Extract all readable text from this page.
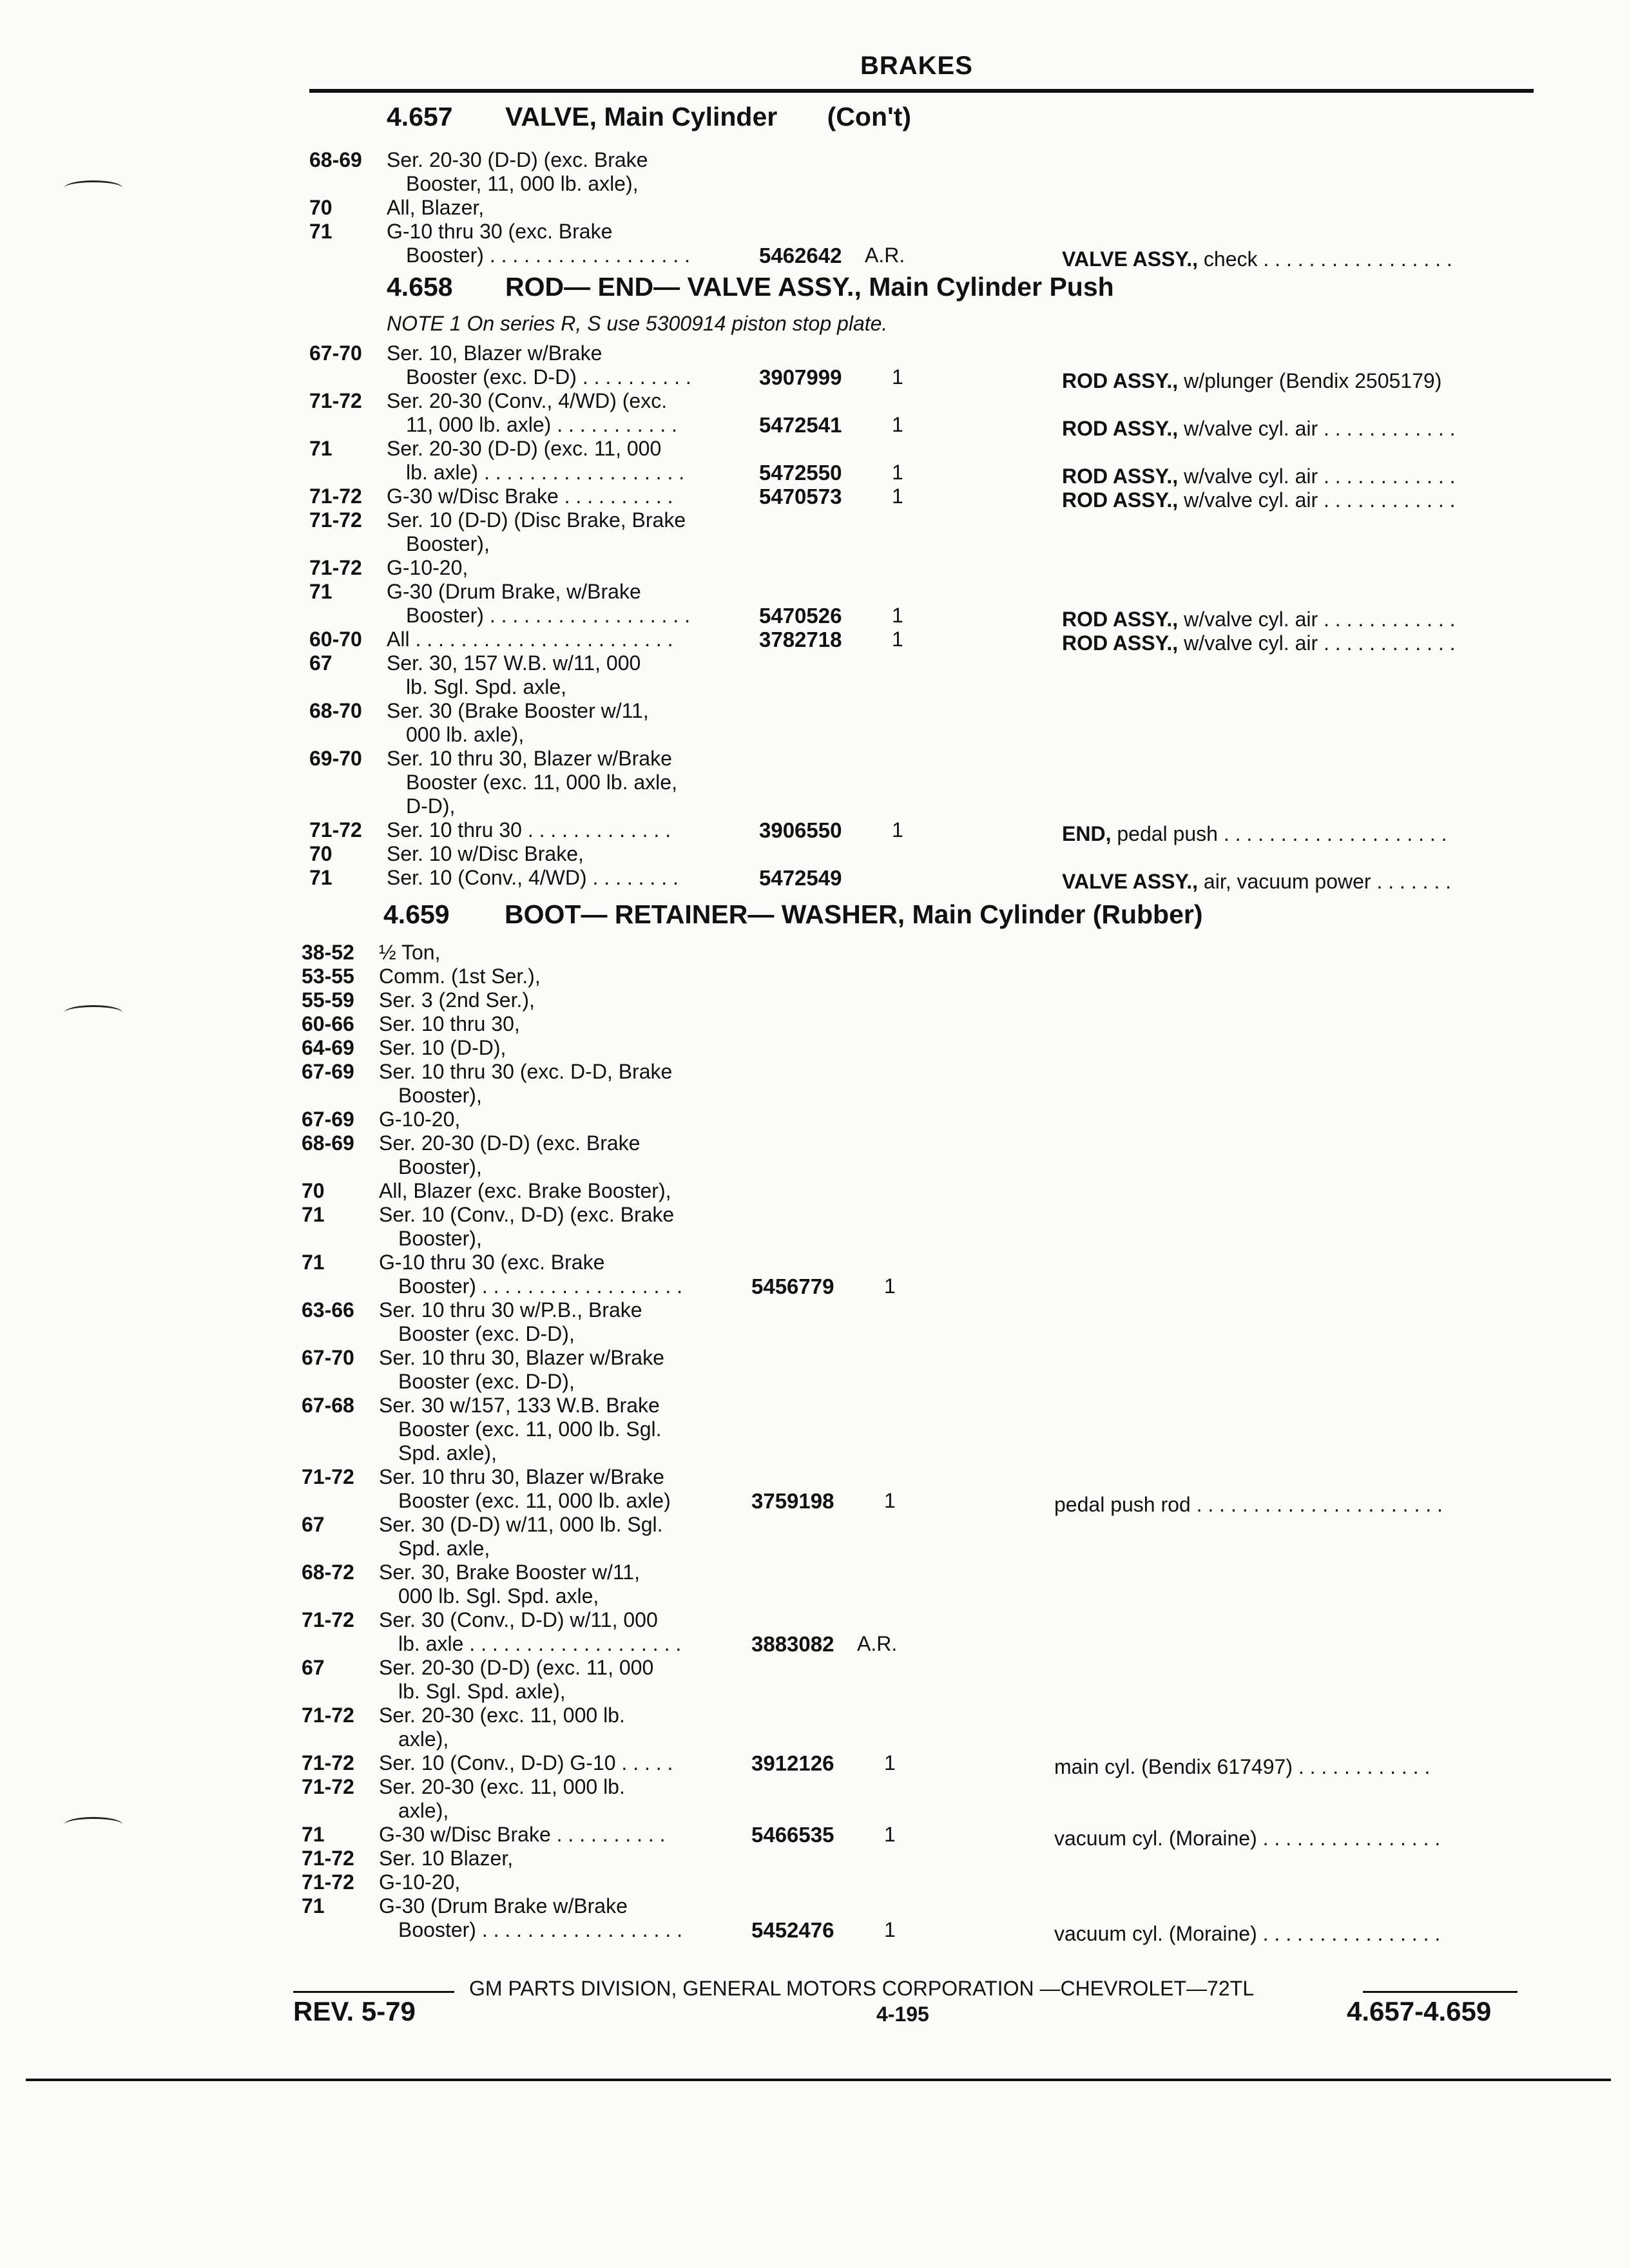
BRAKES
4.657 VALVE, Main Cylinder (Con't)
4.658 ROD— END— VALVE ASSY., Main Cylinder Push
NOTE 1 On series R, S use 5300914 piston stop plate.
4.659 BOOT— RETAINER— WASHER, Main Cylinder (Rubber)
68-69 Ser. 20-30 (D-D) (exc. Brake
Booster, 11, 000 lb. axle),
70	All, Blazer,
71	G-10 thru 30 (exc. Brake
Booster) . . . . . . . . . . . . . . . . . .	5462642 A.R.	VALVE ASSY., check . . . . . . . . . . . . . . . . .
67-70 Ser. 10, Blazer w/Brake
Booster (exc. D-D) . . . . . . . . . .	3907999 1	ROD ASSY., w/plunger (Bendix 2505179)
71-72 Ser. 20-30 (Conv., 4/WD) (exc.
11, 000 lb. axle) . . . . . . . . . . .	5472541 1	ROD ASSY., w/valve cyl. air . . . . . . . . . . . .
71	Ser. 20-30 (D-D) (exc. 11, 000
lb. axle) . . . . . . . . . . . . . . . . . .	5472550 1	ROD ASSY., w/valve cyl. air . . . . . . . . . . . .
71-72 G-30 w/Disc Brake . . . . . . . . . .	5470573 1	ROD ASSY., w/valve cyl. air . . . . . . . . . . . .
71-72 Ser. 10 (D-D) (Disc Brake, Brake
Booster),
71-72 G-10-20,
71	G-30 (Drum Brake, w/Brake
Booster) . . . . . . . . . . . . . . . . . .	5470526 1	ROD ASSY., w/valve cyl. air . . . . . . . . . . . .
60-70 All . . . . . . . . . . . . . . . . . . . . . . .	3782718 1	ROD ASSY., w/valve cyl. air . . . . . . . . . . . .
67	Ser. 30, 157 W.B. w/11, 000
lb. Sgl. Spd. axle,
68-70 Ser. 30 (Brake Booster w/11,
000 lb. axle),
69-70 Ser. 10 thru 30, Blazer w/Brake
Booster (exc. 11, 000 lb. axle,
D-D),
71-72 Ser. 10 thru 30 . . . . . . . . . . . . .	3906550 1	END, pedal push . . . . . . . . . . . . . . . . . . . .
70	Ser. 10 w/Disc Brake,
71	Ser. 10 (Conv., 4/WD) . . . . . . . .	5472549	VALVE ASSY., air, vacuum power . . . . . . .
38-52 ½ Ton,
53-55 Comm. (1st Ser.),
55-59 Ser. 3 (2nd Ser.),
60-66 Ser. 10 thru 30,
64-69 Ser. 10 (D-D),
67-69 Ser. 10 thru 30 (exc. D-D, Brake
Booster),
67-69 G-10-20,
68-69 Ser. 20-30 (D-D) (exc. Brake
Booster),
70	All, Blazer (exc. Brake Booster),
71	Ser. 10 (Conv., D-D) (exc. Brake
Booster),
71	G-10 thru 30 (exc. Brake
Booster) . . . . . . . . . . . . . . . . . .	5456779 1
63-66 Ser. 10 thru 30 w/P.B., Brake
Booster (exc. D-D),
67-70 Ser. 10 thru 30, Blazer w/Brake
Booster (exc. D-D),
67-68 Ser. 30 w/157, 133 W.B. Brake
Booster (exc. 11, 000 lb. Sgl.
Spd. axle),
71-72 Ser. 10 thru 30, Blazer w/Brake
Booster (exc. 11, 000 lb. axle)	3759198 1	pedal push rod . . . . . . . . . . . . . . . . . . . . . .
67	Ser. 30 (D-D) w/11, 000 lb. Sgl.
Spd. axle,
68-72 Ser. 30, Brake Booster w/11,
000 lb. Sgl. Spd. axle,
71-72 Ser. 30 (Conv., D-D) w/11, 000
lb. axle . . . . . . . . . . . . . . . . . . .	3883082 A.R.
67	Ser. 20-30 (D-D) (exc. 11, 000
lb. Sgl. Spd. axle),
71-72 Ser. 20-30 (exc. 11, 000 lb.
axle),
71-72 Ser. 10 (Conv., D-D) G-10 . . . . .	3912126 1	main cyl. (Bendix 617497) . . . . . . . . . . . .
71-72 Ser. 20-30 (exc. 11, 000 lb.
axle),
71	G-30 w/Disc Brake . . . . . . . . . .	5466535 1	vacuum cyl. (Moraine) . . . . . . . . . . . . . . . .
71-72 Ser. 10 Blazer,
71-72 G-10-20,
71	G-30 (Drum Brake w/Brake
Booster) . . . . . . . . . . . . . . . . . .	5452476 1	vacuum cyl. (Moraine) . . . . . . . . . . . . . . . .
GM PARTS DIVISION, GENERAL MOTORS CORPORATION —CHEVROLET—72TL
REV. 5-79	4-195	4.657-4.659
